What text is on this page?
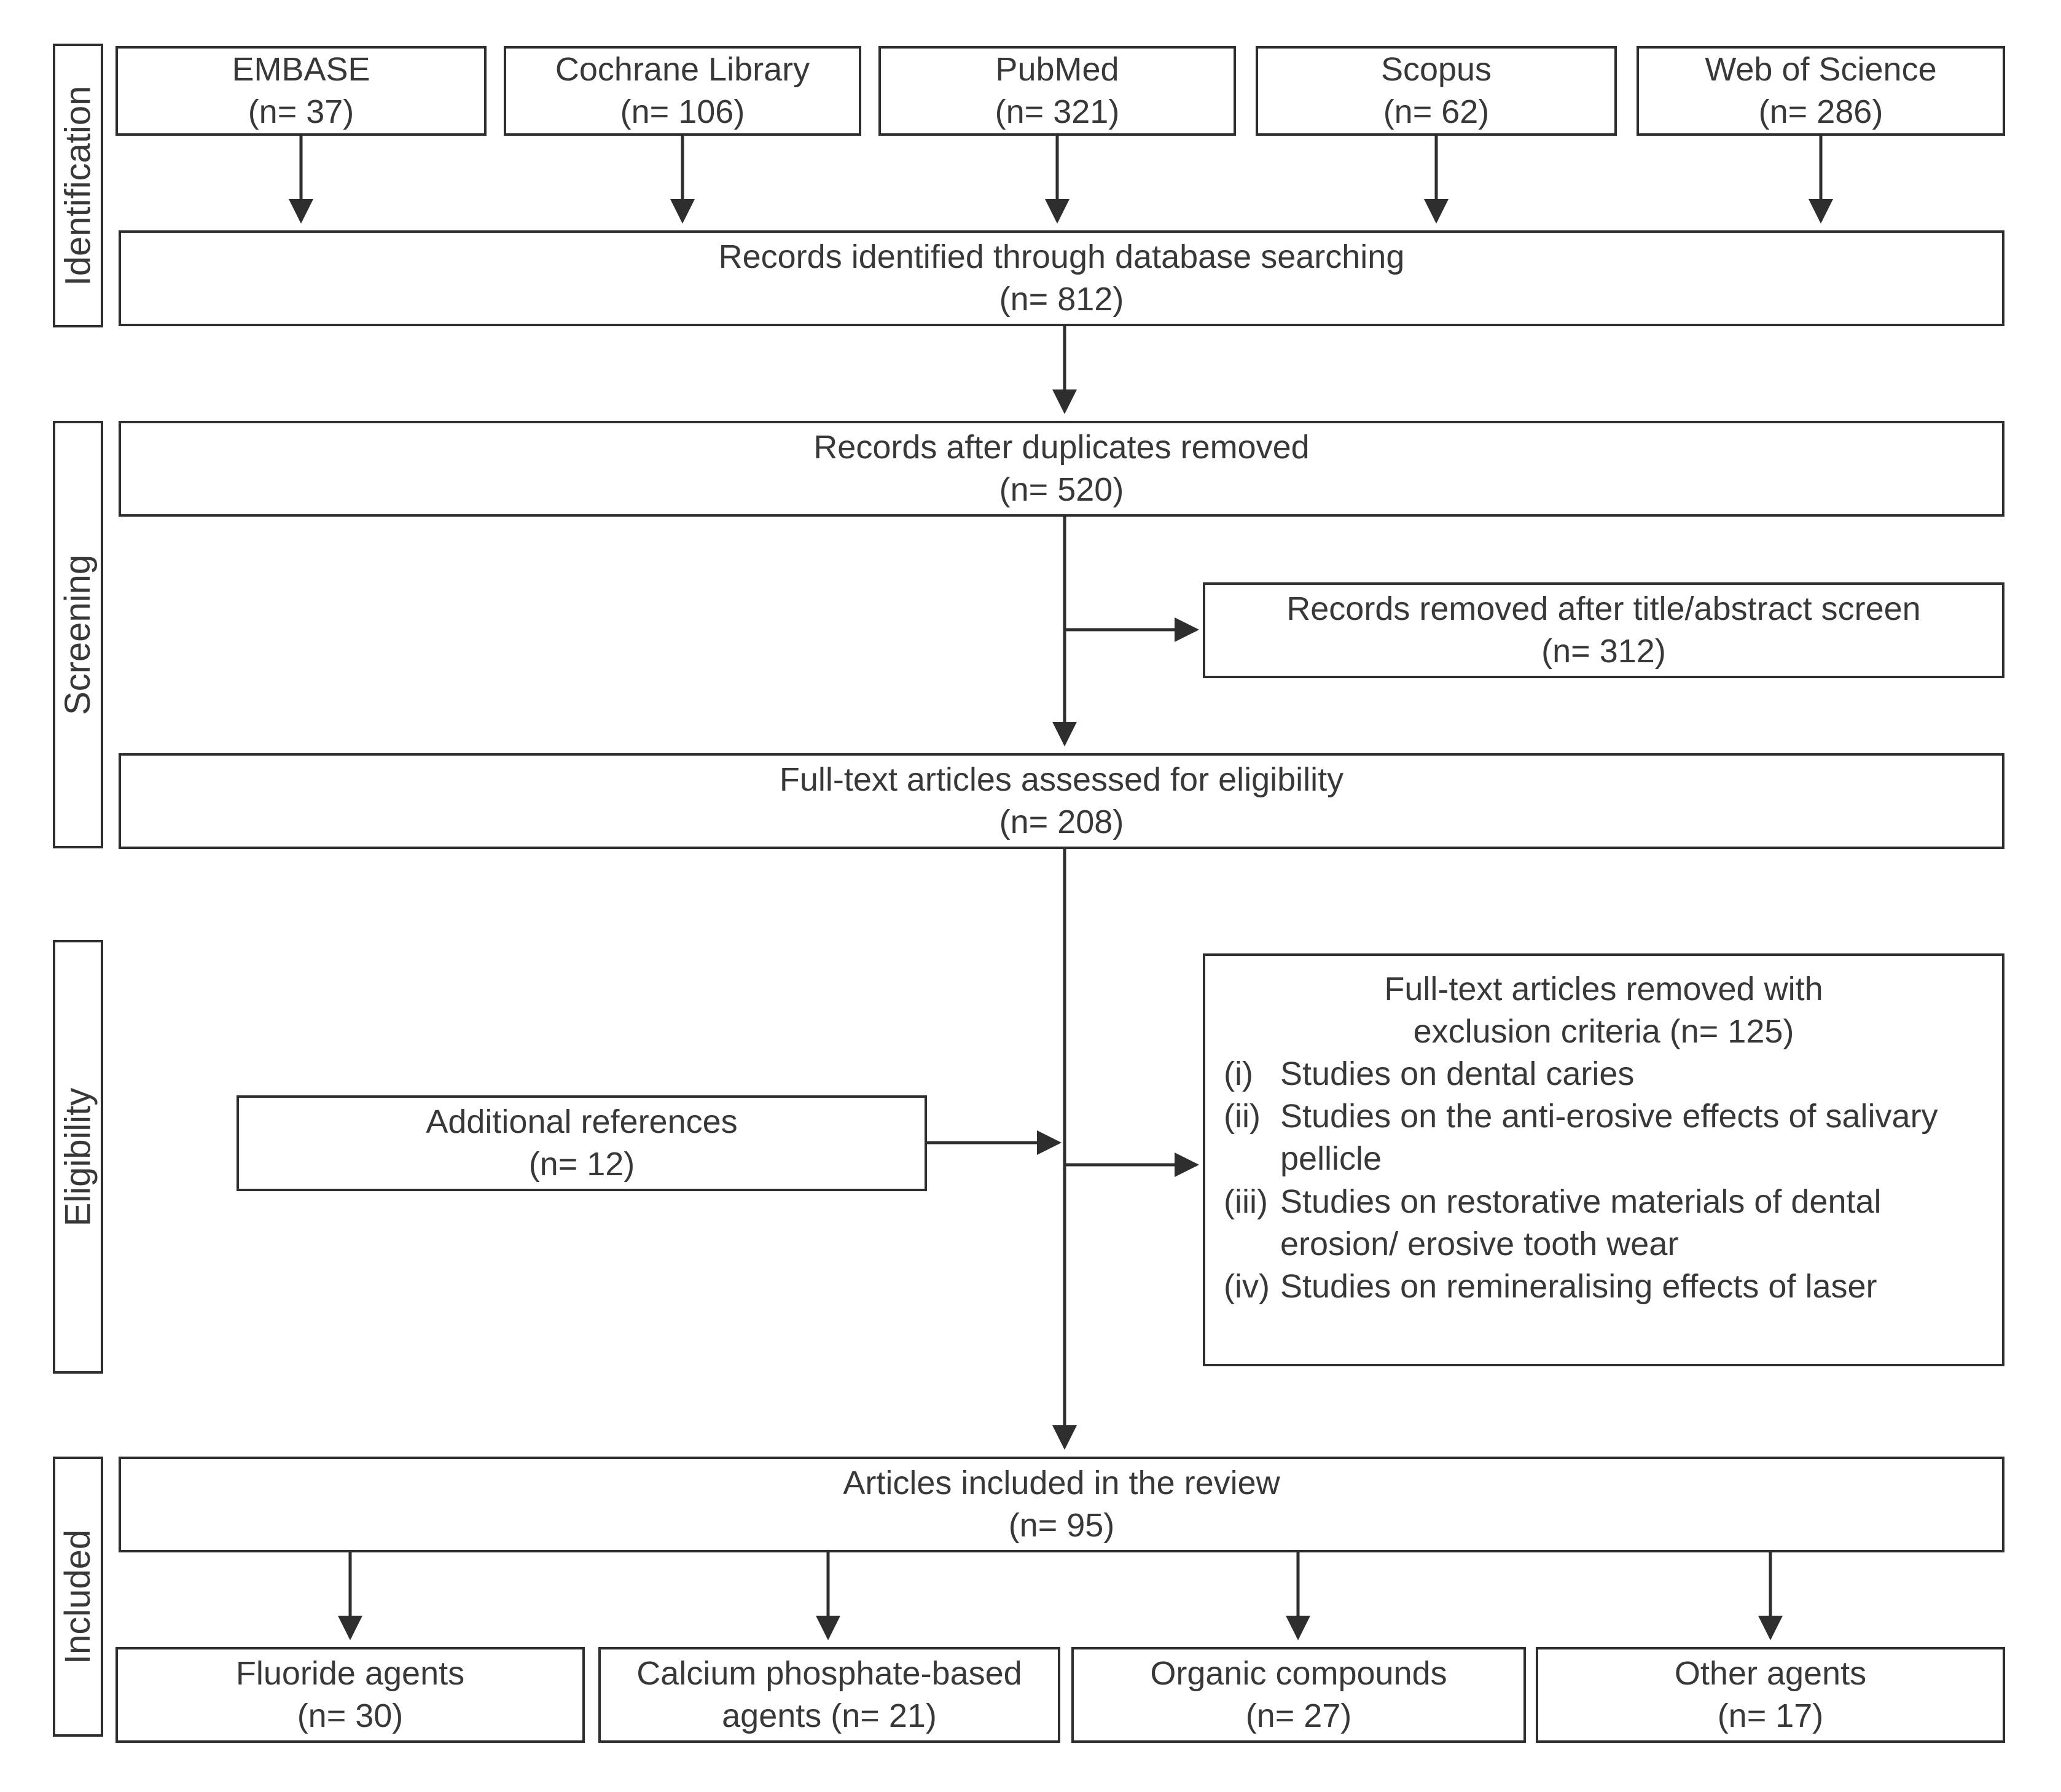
Identification
Screening
Eligibility
Included
EMBASE
(n= 37)
Cochrane Library
(n= 106)
PubMed
(n= 321)
Scopus
(n= 62)
Web of Science
(n= 286)
Records identified through database searching
(n= 812)
Records after duplicates removed
(n= 520)
Records removed after title/abstract screen
(n= 312)
Full-text articles assessed for eligibility
(n= 208)
Additional references
(n= 12)
Full-text articles removed with
exclusion criteria (n= 125)
(i) Studies on dental caries
(ii) Studies on the anti-erosive effects of salivary pellicle
(iii) Studies on restorative materials of dental erosion/ erosive tooth wear
(iv) Studies on remineralising effects of laser
Articles included in the review
(n= 95)
Fluoride agents
(n= 30)
Calcium phosphate-based
agents (n= 21)
Organic compounds
(n= 27)
Other agents
(n= 17)
